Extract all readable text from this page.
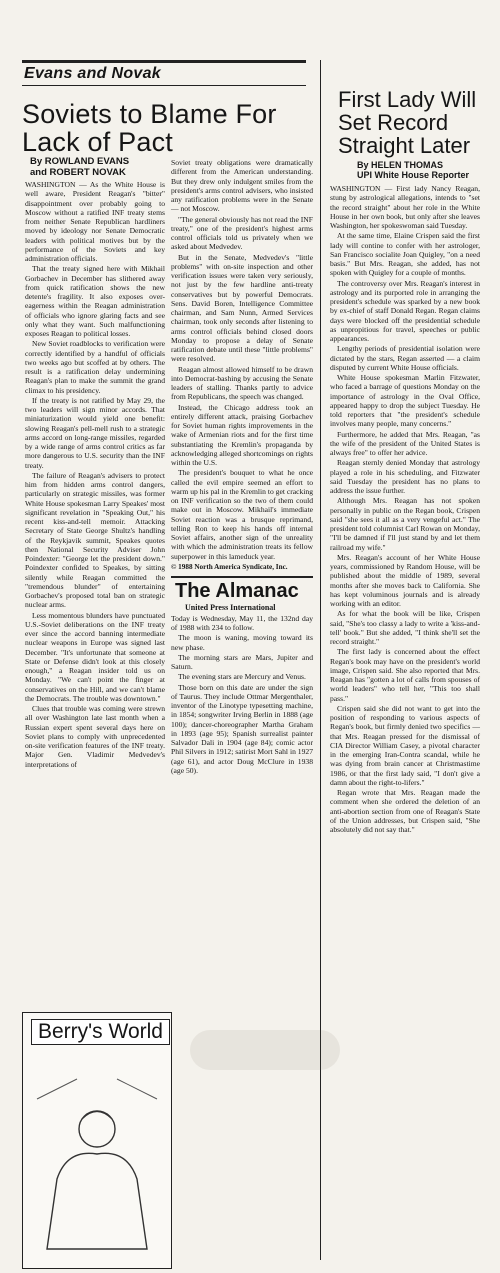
Evans and Novak
Soviets to Blame For Lack of Pact
By ROWLAND EVANS
and ROBERT NOVAK

WASHINGTON — As the White House is well aware, President Reagan's "bitter" disappointment over probably going to Moscow without a ratified INF treaty stems from neither Senate Republican hardliners moved by ideology nor Senate Democratic leaders with political motives but by the performance of the Soviets and key administration officials.

That the treaty signed here with Mikhail Gorbachev in December has slithered away from quick ratification shows the new detente's fragility. It also exposes over-eagerness within the Reagan administration of officials who ignore glaring facts and see only what they want. Such malfunctioning exposes Reagan to political losses.

New Soviet roadblocks to verification were correctly identified by a handful of officials two weeks ago but scoffed at by others. The result is a ratification delay undermining Reagan's plan to make the summit the grand climax to his presidency.

If the treaty is not ratified by May 29, the two leaders will sign minor accords. That miniaturization would yield one benefit: slowing Reagan's pell-mell rush to a strategic arms accord on long-range missiles, regarded by a wide range of arms control critics as far more dangerous to U.S. security than the INF treaty.

The failure of Reagan's advisers to protect him from hidden arms control dangers, particularly on strategic missiles, was former White House spokesman Larry Speakes' most significant revelation in "Speaking Out," his recent kiss-and-tell memoir. Attacking Secretary of State George Shultz's handling of the Reykjavik summit, Speakes quotes then National Security Adviser John Poindexter: "George let the president down." Poindexter confided to Speakes, by sitting silently while Reagan committed the "tremendous blunder" of entertaining Gorbachev's proposed total ban on strategic nuclear arms.

Less momentous blunders have punctuated U.S.-Soviet deliberations on the INF treaty ever since the accord banning intermediate nuclear weapons in Europe was signed last December. "It's unfortunate that someone at State or Defense didn't look at this closely enough," a Reagan insider told us on Monday. "We can't point the finger at conservatives on the Hill, and we can't blame the Democrats. The trouble was downtown."

Clues that trouble was coming were strewn all over Washington late last month when a Russian expert spent several days here on Soviet plans to comply with unprecedented on-site verification features of the INF treaty. Major Gen. Vladimir Medvedev's interpretations of

Soviet treaty obligations were dramatically different from the American understanding. But they drew only indulgent smiles from the president's arms control advisers, who insisted any ratification problems were in the Senate — not Moscow.

"The general obviously has not read the INF treaty," one of the president's highest arms control officials told us privately when we asked about Medvedev.

But in the Senate, Medvedev's "little problems" with on-site inspection and other verification issues were taken very seriously, not just by the few hardline anti-treaty conservatives but by powerful Democrats. Sens. David Boren, Intelligence Committee chairman, and Sam Nunn, Armed Services chairman, took only seconds after listening to arms control officials behind closed doors Monday to propose a delay of Senate ratification debate until these "little problems" were resolved.

Reagan almost allowed himself to be drawn into Democrat-bashing by accusing the Senate leaders of stalling. Thanks partly to advice from Republicans, the speech was changed.

Instead, the Chicago address took an entirely different attack, praising Gorbachev for Soviet human rights improvements in the wake of Armenian riots and for the first time substantiating the Kremlin's propaganda by acknowledging alleged shortcomings on rights within the U.S.

The president's bouquet to what he once called the evil empire seemed an effort to warm up his pal in the Kremlin to get cracking on INF verification so the two of them could make out in Moscow. Mikhail's immediate Soviet reaction was a brusque reprimand, telling Ron to keep his hands off internal Soviet affairs, another sign of the unreality with which the administration treats its fellow superpower in this lameduck year.

© 1988 North America Syndicate, Inc.
The Almanac
United Press International

Today is Wednesday, May 11, the 132nd day of 1988 with 234 to follow.

The moon is waning, moving toward its new phase.

The morning stars are Mars, Jupiter and Saturn.

The evening stars are Mercury and Venus.

Those born on this date are under the sign of Taurus. They include Ottmar Mergenthaler, inventor of the Linotype typesetting machine, in 1854; songwriter Irving Berlin in 1888 (age 100); dancer-choreographer Martha Graham in 1893 (age 95); Spanish surrealist painter Salvador Dali in 1904 (age 84); comic actor Phil Silvers in 1912; satirist Mort Sahl in 1927 (age 61), and actor Doug McClure in 1938 (age 50).

First Lady Will Set Record Straight Later
By HELEN THOMAS
UPI White House Reporter

WASHINGTON — First lady Nancy Reagan, stung by astrological allegations, intends to "set the record straight" about her role in the White House in her own book, but only after she leaves Washington, her spokeswoman said Tuesday.

At the same time, Elaine Crispen said the first lady will contine to confer with her astrologer, San Francisco socialite Joan Quigley, "on a need basis." But Mrs. Reagan, she added, has not spoken with Quigley for a couple of months.

The controversy over Mrs. Reagan's interest in astrology and its purported role in arranging the president's schedule was sparked by a new book by ex-chief of staff Donald Regan. Regan claims days were blocked off the presidential schedule as unpropitious for travel, speeches or public appearances.

Lengthy periods of presidential isolation were dictated by the stars, Regan asserted — a claim disputed by current White House officials.

White House spokesman Marlin Fitzwater, who faced a barrage of questions Monday on the importance of astrology in the Oval Office, appeared happy to drop the subject Tuesday. He told reporters that "the president's schedule involves many people, many concerns."

Furthermore, he added that Mrs. Reagan, "as the wife of the president of the United States is always free" to offer her advice.

Reagan sternly denied Monday that astrology played a role in his scheduling, and Fitzwater said Tuesday the president has no plans to address the issue further.

Although Mrs. Reagan has not spoken personally in public on the Regan book, Crispen said "she sees it all as a very vengeful act." The president told columnist Carl Rowan on Monday, "I'll be damned if I'll just stand by and let them railroad my wife."

Mrs. Reagan's account of her White House years, commissioned by Random House, will be published about the middle of 1989, several months after she moves back to California. She has kept voluminous journals and is already working with an editor.

As for what the book will be like, Crispen said, "She's too classy a lady to write a 'kiss-and-tell' book." But she added, "I think she'll set the record straight."

The first lady is concerned about the effect Regan's book may have on the president's world image, Crispen said. She also reported that Mrs. Reagan has "gotten a lot of calls from spouses of world leaders" who tell her, "This too shall pass."

Crispen said she did not want to get into the position of responding to various aspects of Regan's book, but firmly denied two specifics — that Mrs. Reagan pressed for the dismissal of CIA Director William Casey, a pivotal character in the emerging Iran-Contra scandal, while he was dying from brain cancer at Christmastime 1986, or that the first lady said, "I don't give a damn about the right-to-lifers."

Regan wrote that Mrs. Reagan made the comment when she ordered the deletion of an anti-abortion section from one of Reagan's State of the Union addresses, but Crispen said, "She absolutely did not say that."

Berry's World
